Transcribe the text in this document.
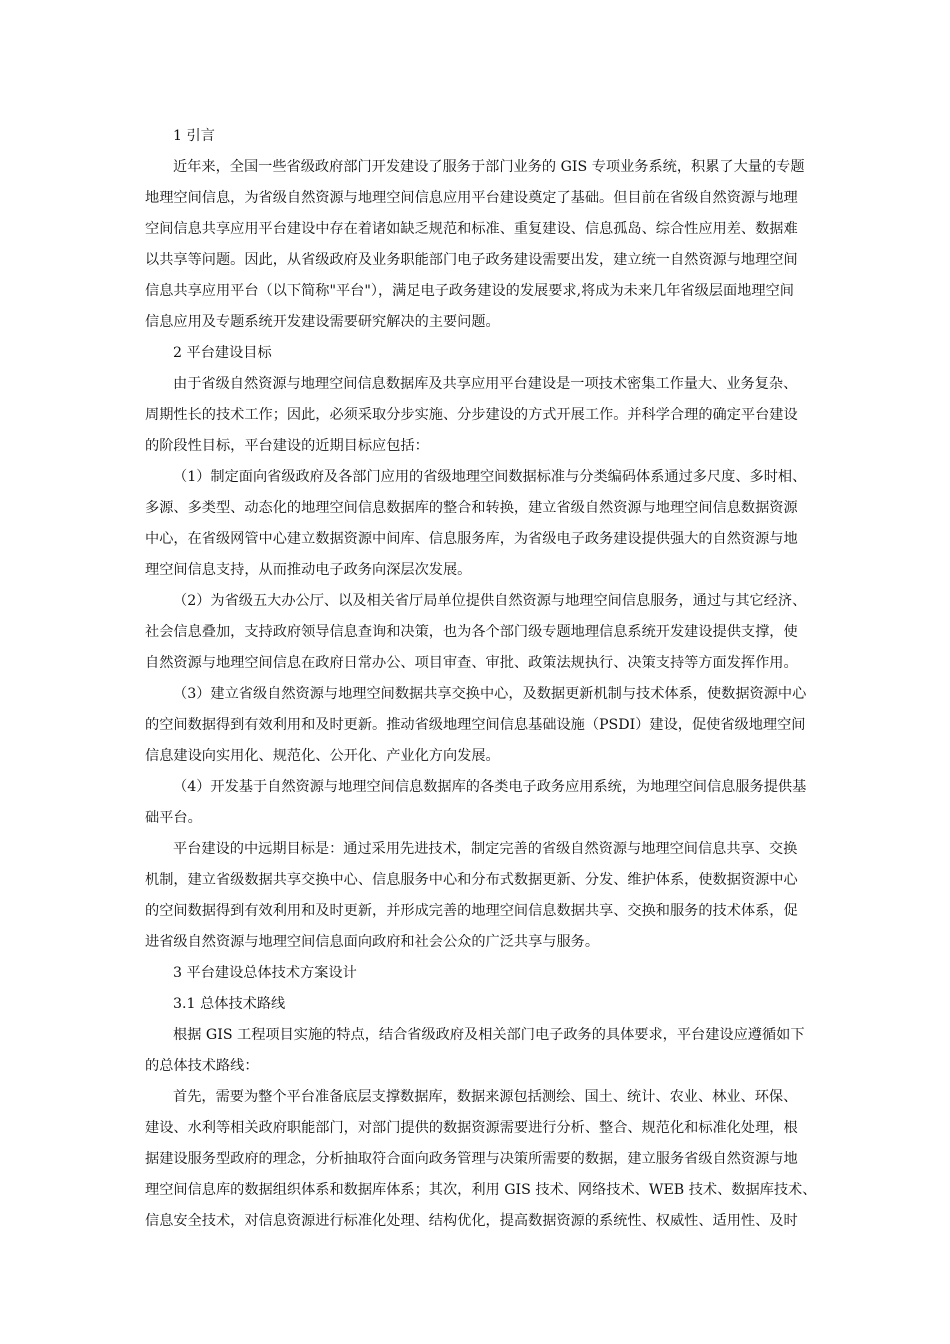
1 引言
近年来，全国一些省级政府部门开发建设了服务于部门业务的 GIS 专项业务系统，积累了大量的专题
地理空间信息，为省级自然资源与地理空间信息应用平台建设奠定了基础。但目前在省级自然资源与地理
空间信息共享应用平台建设中存在着诸如缺乏规范和标准、重复建设、信息孤岛、综合性应用差、数据难
以共享等问题。因此，从省级政府及业务职能部门电子政务建设需要出发，建立统一自然资源与地理空间
信息共享应用平台（以下简称"平台"），满足电子政务建设的发展要求,将成为未来几年省级层面地理空间
信息应用及专题系统开发建设需要研究解决的主要问题。
2 平台建设目标
由于省级自然资源与地理空间信息数据库及共享应用平台建设是一项技术密集工作量大、业务复杂、
周期性长的技术工作；因此，必须采取分步实施、分步建设的方式开展工作。并科学合理的确定平台建设
的阶段性目标，平台建设的近期目标应包括：
（1）制定面向省级政府及各部门应用的省级地理空间数据标准与分类编码体系通过多尺度、多时相、
多源、多类型、动态化的地理空间信息数据库的整合和转换，建立省级自然资源与地理空间信息数据资源
中心，在省级网管中心建立数据资源中间库、信息服务库，为省级电子政务建设提供强大的自然资源与地
理空间信息支持，从而推动电子政务向深层次发展。
（2）为省级五大办公厅、以及相关省厅局单位提供自然资源与地理空间信息服务，通过与其它经济、
社会信息叠加，支持政府领导信息查询和决策，也为各个部门级专题地理信息系统开发建设提供支撑，使
自然资源与地理空间信息在政府日常办公、项目审查、审批、政策法规执行、决策支持等方面发挥作用。
（3）建立省级自然资源与地理空间数据共享交换中心，及数据更新机制与技术体系，使数据资源中心
的空间数据得到有效利用和及时更新。推动省级地理空间信息基础设施（PSDI）建设，促使省级地理空间
信息建设向实用化、规范化、公开化、产业化方向发展。
（4）开发基于自然资源与地理空间信息数据库的各类电子政务应用系统，为地理空间信息服务提供基
础平台。
平台建设的中远期目标是：通过采用先进技术，制定完善的省级自然资源与地理空间信息共享、交换
机制，建立省级数据共享交换中心、信息服务中心和分布式数据更新、分发、维护体系，使数据资源中心
的空间数据得到有效利用和及时更新，并形成完善的地理空间信息数据共享、交换和服务的技术体系，促
进省级自然资源与地理空间信息面向政府和社会公众的广泛共享与服务。
3 平台建设总体技术方案设计
3.1 总体技术路线
根据 GIS 工程项目实施的特点，结合省级政府及相关部门电子政务的具体要求，平台建设应遵循如下
的总体技术路线：
首先，需要为整个平台准备底层支撑数据库，数据来源包括测绘、国土、统计、农业、林业、环保、
建设、水利等相关政府职能部门，对部门提供的数据资源需要进行分析、整合、规范化和标准化处理，根
据建设服务型政府的理念，分析抽取符合面向政务管理与决策所需要的数据，建立服务省级自然资源与地
理空间信息库的数据组织体系和数据库体系；其次，利用 GIS 技术、网络技术、WEB 技术、数据库技术、
信息安全技术，对信息资源进行标准化处理、结构优化，提高数据资源的系统性、权威性、适用性、及时
